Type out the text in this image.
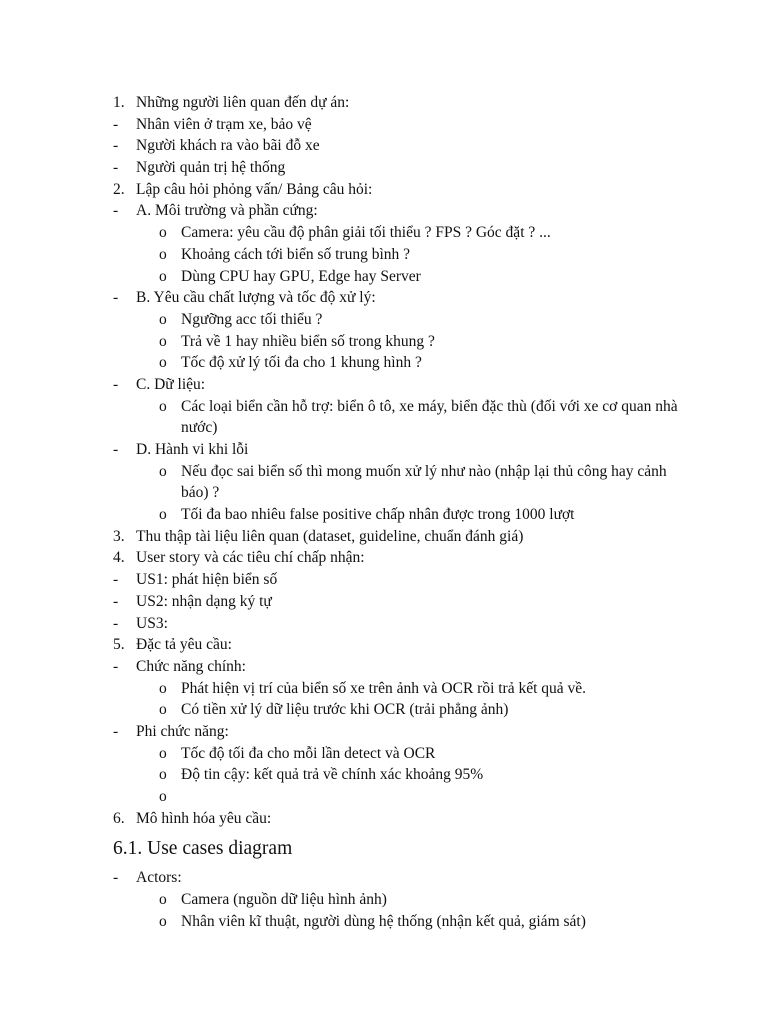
1. Những người liên quan đến dự án:
- Nhân viên ở trạm xe, bảo vệ
- Người khách ra vào bãi đỗ xe
- Người quản trị hệ thống
2. Lập câu hỏi phỏng vấn/ Bảng câu hỏi:
- A. Môi trường và phần cứng:
o Camera: yêu cầu độ phân giải tối thiểu ? FPS ? Góc đặt ? ...
o Khoảng cách tới biển số trung bình ?
o Dùng CPU hay GPU, Edge hay Server
- B. Yêu cầu chất lượng và tốc độ xử lý:
o Ngưỡng acc tối thiểu ?
o Trả về 1 hay nhiều biển số trong khung ?
o Tốc độ xử lý tối đa cho 1 khung hình ?
- C. Dữ liệu:
o Các loại biển cần hỗ trợ: biển ô tô, xe máy, biển đặc thù (đối với xe cơ quan nhà nước)
- D. Hành vi khi lỗi
o Nếu đọc sai biển số thì mong muốn xử lý như nào (nhập lại thủ công hay cảnh báo) ?
o Tối đa bao nhiêu false positive chấp nhân được trong 1000 lượt
3. Thu thập tài liệu liên quan (dataset, guideline, chuẩn đánh giá)
4. User story và các tiêu chí chấp nhận:
- US1: phát hiện biển số
- US2: nhận dạng ký tự
- US3:
5. Đặc tả yêu cầu:
- Chức năng chính:
o Phát hiện vị trí của biển số xe trên ảnh và OCR rồi trả kết quả về.
o Có tiền xử lý dữ liệu trước khi OCR (trải phẳng ảnh)
- Phi chức năng:
o Tốc độ tối đa cho mỗi lần detect và OCR
o Độ tin cậy: kết quả trả về chính xác khoảng 95%
o
6. Mô hình hóa yêu cầu:
6.1. Use cases diagram
- Actors:
o Camera (nguồn dữ liệu hình ảnh)
o Nhân viên kĩ thuật, người dùng hệ thống (nhận kết quả, giám sát)
